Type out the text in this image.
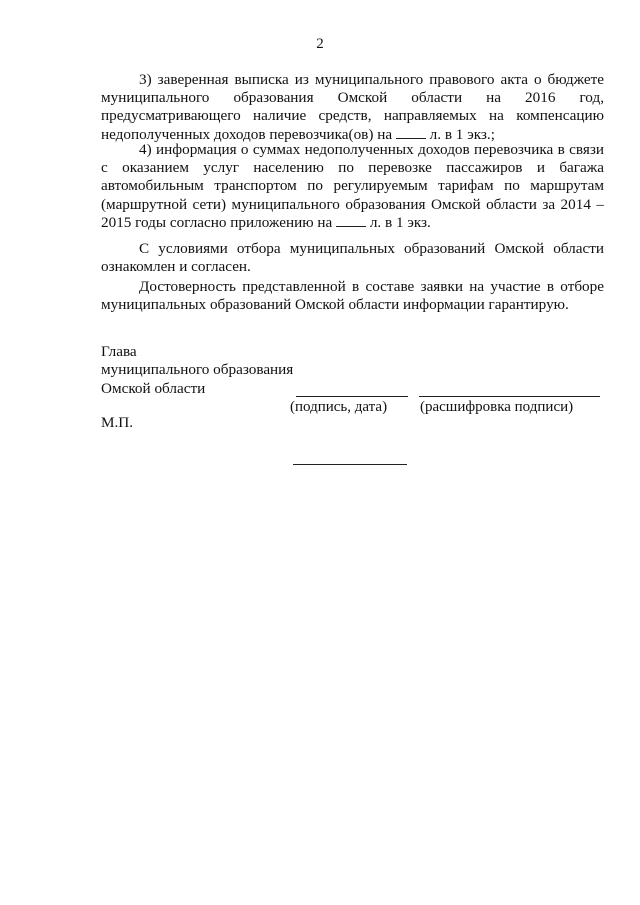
2

3) заверенная выписка из муниципального правового акта о бюджете муниципального образования Омской области на 2016 год, предусматривающего наличие средств, направляемых на компенсацию недополученных доходов перевозчика(ов) на л. в 1 экз.;

4) информация о суммах недополученных доходов перевозчика в связи с оказанием услуг населению по перевозке пассажиров и багажа автомобильным транспортом по регулируемым тарифам по маршрутам (маршрутной сети) муниципального образования Омской области за 2014 – 2015 годы согласно приложению на л. в 1 экз.

С условиями отбора муниципальных образований Омской области ознакомлен и согласен.

Достоверность представленной в составе заявки на участие в отборе муниципальных образований Омской области информации гарантирую.

Глава
муниципального образования
Омской области
(подпись, дата) (расшифровка подписи)
М.П.
